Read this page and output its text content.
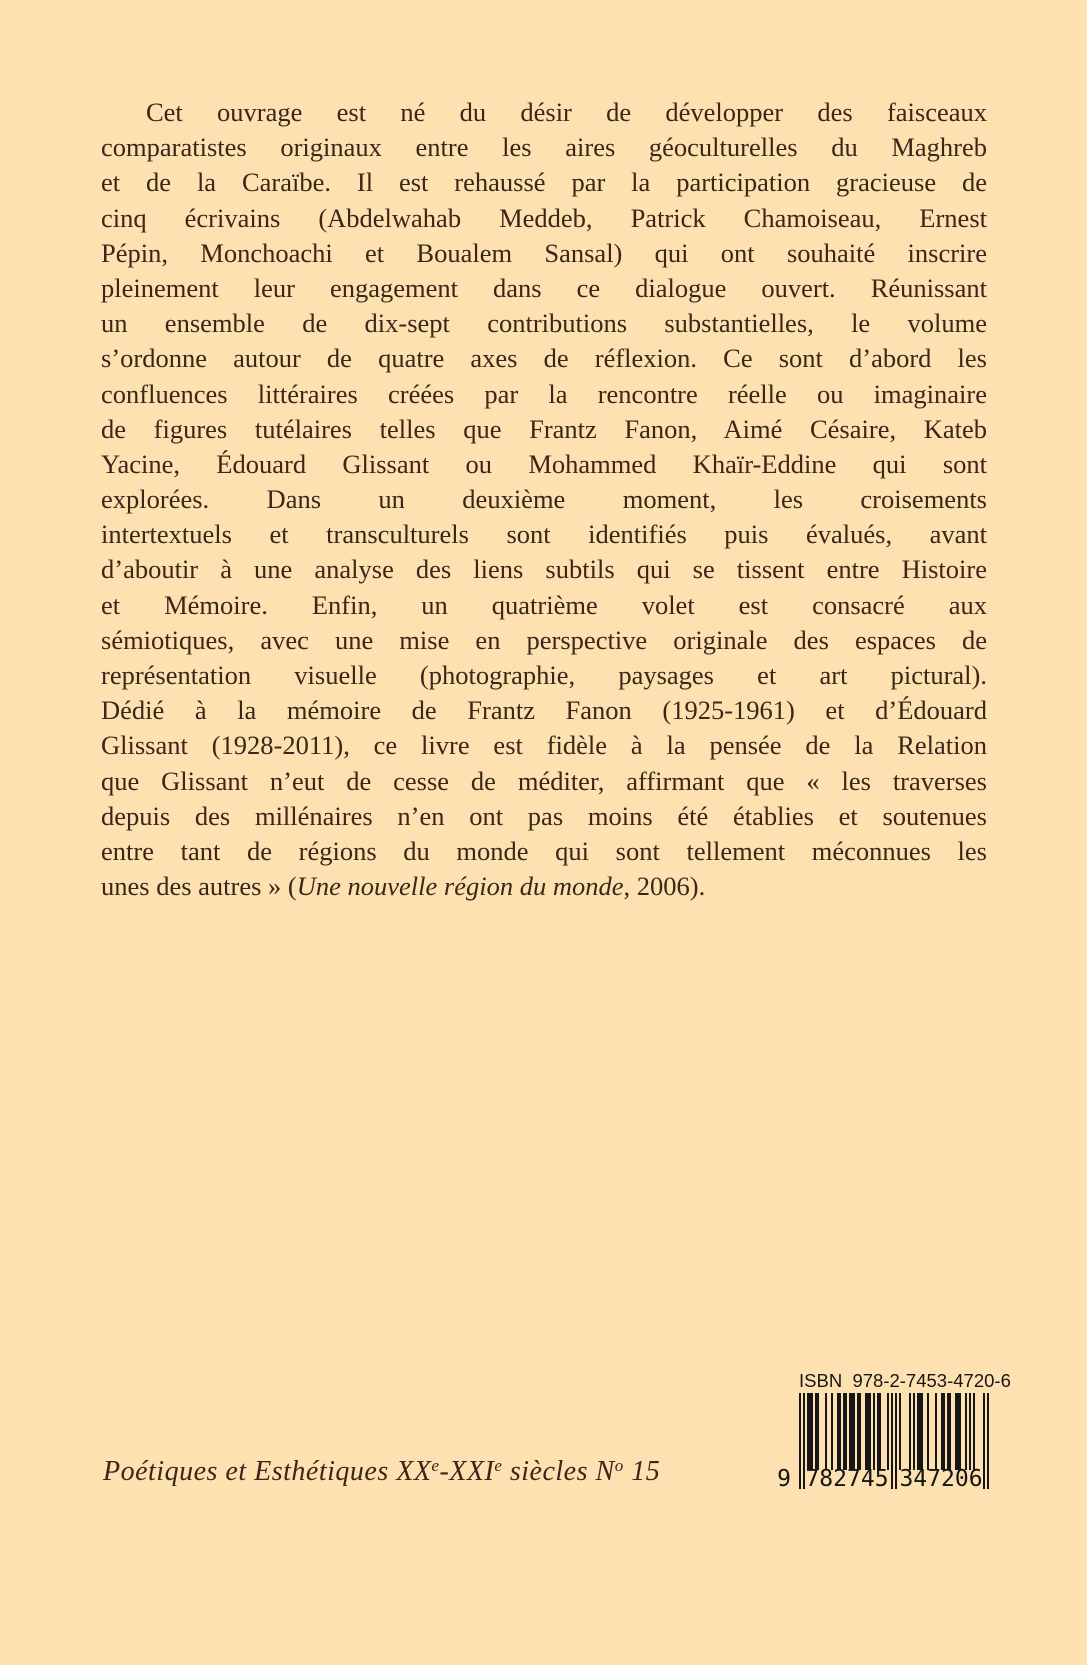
Cet ouvrage est né du désir de développer des faisceaux
comparatistes originaux entre les aires géoculturelles du Maghreb
et de la Caraïbe. Il est rehaussé par la participation gracieuse de
cinq écrivains (Abdelwahab Meddeb, Patrick Chamoiseau, Ernest
Pépin, Monchoachi et Boualem Sansal) qui ont souhaité inscrire
pleinement leur engagement dans ce dialogue ouvert. Réunissant
un ensemble de dix-sept contributions substantielles, le volume
s’ordonne autour de quatre axes de réflexion. Ce sont d’abord les
confluences littéraires créées par la rencontre réelle ou imaginaire
de figures tutélaires telles que Frantz Fanon, Aimé Césaire, Kateb
Yacine, Édouard Glissant ou Mohammed Khaïr-Eddine qui sont
explorées. Dans un deuxième moment, les croisements
intertextuels et transculturels sont identifiés puis évalués, avant
d’aboutir à une analyse des liens subtils qui se tissent entre Histoire
et Mémoire. Enfin, un quatrième volet est consacré aux
sémiotiques, avec une mise en perspective originale des espaces de
représentation visuelle (photographie, paysages et art pictural).
Dédié à la mémoire de Frantz Fanon (1925-1961) et d’Édouard
Glissant (1928-2011), ce livre est fidèle à la pensée de la Relation
que Glissant n’eut de cesse de méditer, affirmant que « les traverses
depuis des millénaires n’en ont pas moins été établies et soutenues
entre tant de régions du monde qui sont tellement méconnues les
unes des autres » (Une nouvelle région du monde, 2006).
Poétiques et Esthétiques XXe-XXIe siècles $N^o$ 15
ISBN  978-2-7453-4720-6
9 782745 347206
